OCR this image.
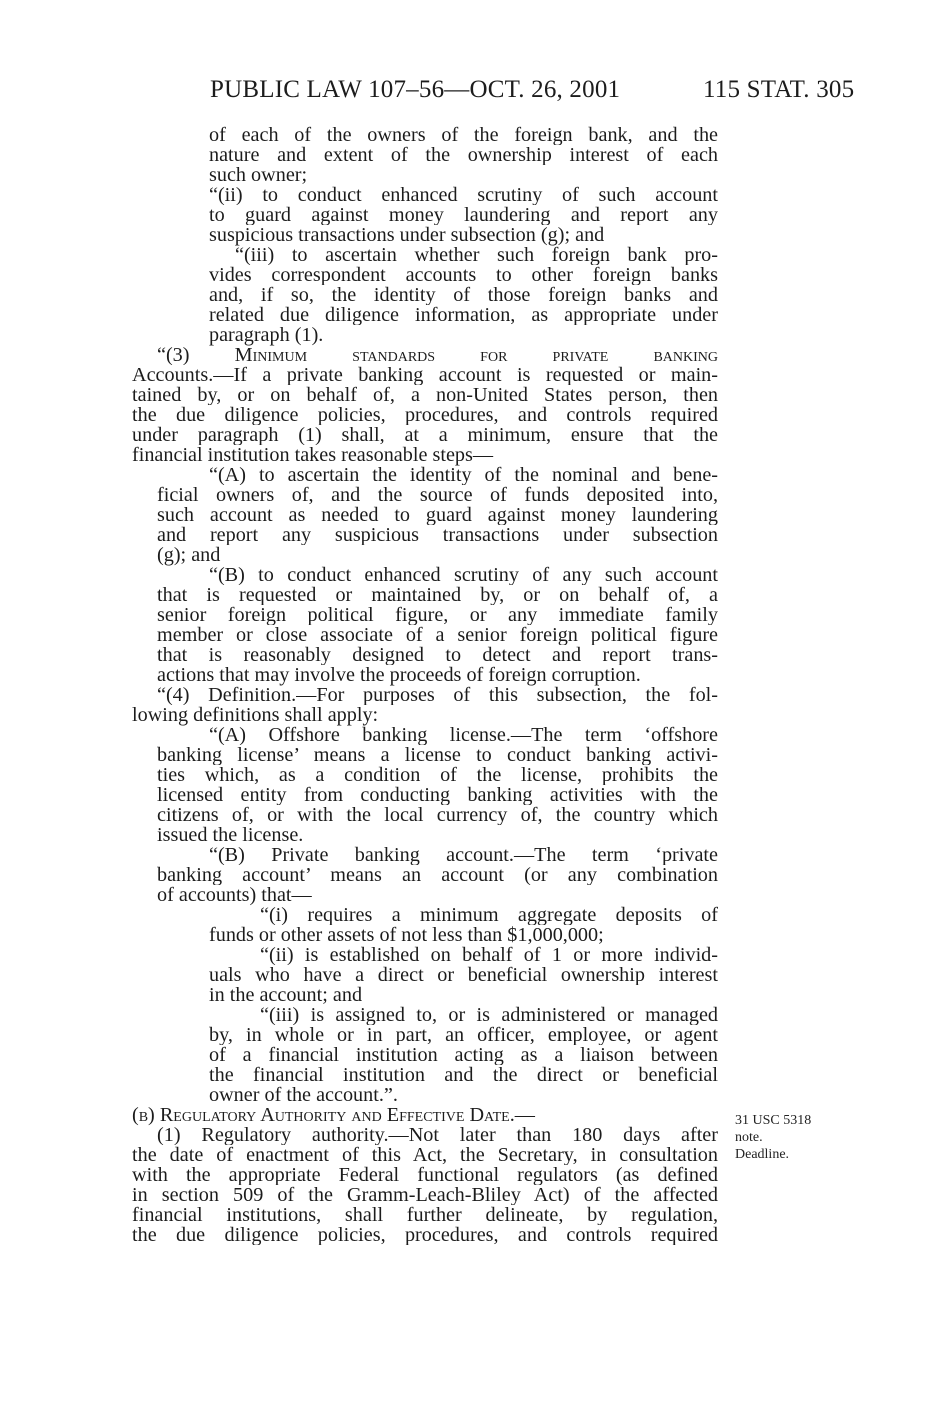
PUBLIC LAW 107–56—OCT. 26, 2001	115 STAT. 305
of each of the owners of the foreign bank, and the
nature and extent of the ownership interest of each
such owner;
“(ii) to conduct enhanced scrutiny of such account
to guard against money laundering and report any
suspicious transactions under subsection (g); and
“(iii) to ascertain whether such foreign bank pro-
vides correspondent accounts to other foreign banks
and, if so, the identity of those foreign banks and
related due diligence information, as appropriate under
paragraph (1).
“(3) Minimum standards for private banking
Accounts.—If a private banking account is requested or main-
tained by, or on behalf of, a non-United States person, then
the due diligence policies, procedures, and controls required
under paragraph (1) shall, at a minimum, ensure that the
financial institution takes reasonable steps—
“(A) to ascertain the identity of the nominal and bene-
ficial owners of, and the source of funds deposited into,
such account as needed to guard against money laundering
and report any suspicious transactions under subsection
(g); and
“(B) to conduct enhanced scrutiny of any such account
that is requested or maintained by, or on behalf of, a
senior foreign political figure, or any immediate family
member or close associate of a senior foreign political figure
that is reasonably designed to detect and report trans-
actions that may involve the proceeds of foreign corruption.
“(4) Definition.—For purposes of this subsection, the fol-
lowing definitions shall apply:
“(A) Offshore banking license.—The term ‘offshore
banking license’ means a license to conduct banking activi-
ties which, as a condition of the license, prohibits the
licensed entity from conducting banking activities with the
citizens of, or with the local currency of, the country which
issued the license.
“(B) Private banking account.—The term ‘private
banking account’ means an account (or any combination
of accounts) that—
“(i) requires a minimum aggregate deposits of
funds or other assets of not less than $1,000,000;
“(ii) is established on behalf of 1 or more individ-
uals who have a direct or beneficial ownership interest
in the account; and
“(iii) is assigned to, or is administered or managed
by, in whole or in part, an officer, employee, or agent
of a financial institution acting as a liaison between
the financial institution and the direct or beneficial
owner of the account.”.
(b) Regulatory Authority and Effective Date.—
(1) Regulatory authority.—Not later than 180 days after
the date of enactment of this Act, the Secretary, in consultation
with the appropriate Federal functional regulators (as defined
in section 509 of the Gramm-Leach-Bliley Act) of the affected
financial institutions, shall further delineate, by regulation,
the due diligence policies, procedures, and controls required
31 USC 5318
note.
Deadline.
